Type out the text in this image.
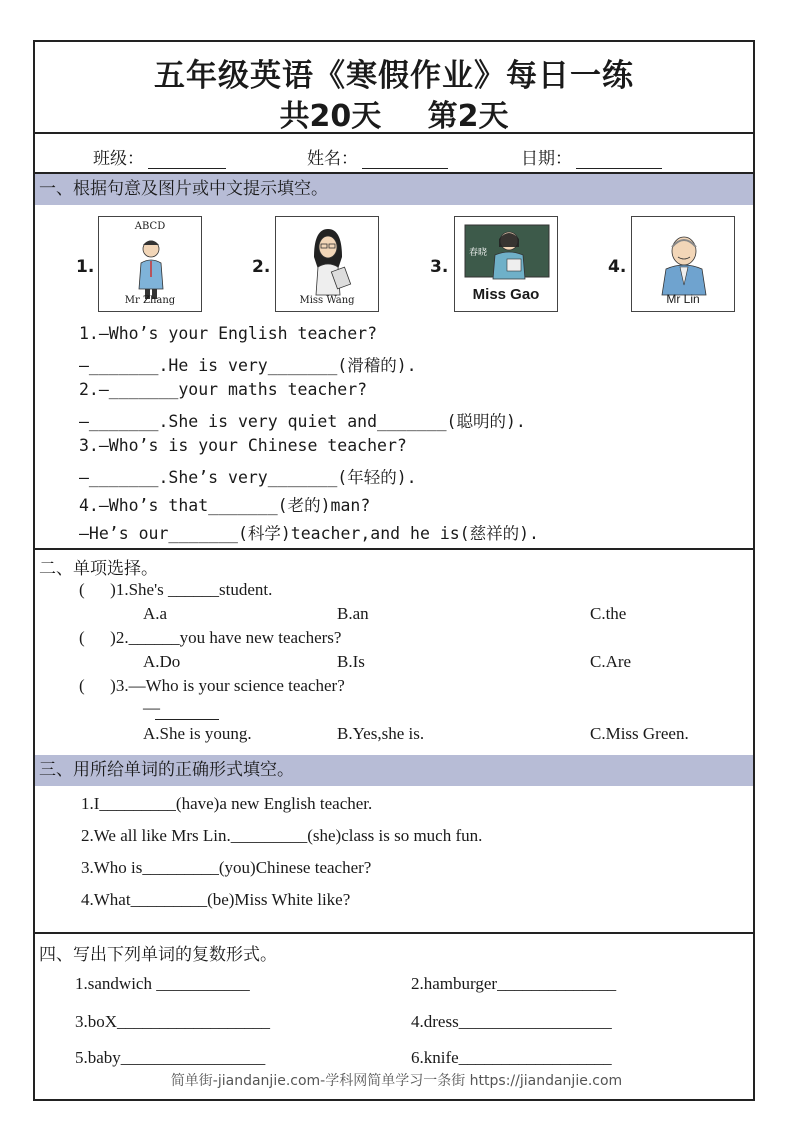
五年级英语《寒假作业》每日一练
共20天 第2天
班级：	姓名：	日期：
一、根据句意及图片或中文提示填空。
1.
ABCD
Mr Zhang
2.
Miss Wang
3.
春晓
Miss Gao
4.
Mr Lin
1.—Who’s your English teacher?
—_______.He is very_______(滑稽的).
2.—_______your maths teacher?
—_______.She is very quiet and_______(聪明的).
3.—Who’s is your Chinese teacher?
—_______.She’s very_______(年轻的).
4.—Who’s that_______(老的)man?
—He’s our_______(科学)teacher,and he is(慈祥的).
二、单项选择。
(      )1.She's ______student.
A.a	B.an	C.the
(      )2.______you have new teachers?
A.Do	B.Is	C.Are
(      )3.—Who is your science teacher?
—
A.She is young.	B.Yes,she is.	C.Miss Green.
三、用所给单词的正确形式填空。
1.I_________(have)a new English teacher.
2.We all like Mrs Lin._________(she)class is so much fun.
3.Who is_________(you)Chinese teacher?
4.What_________(be)Miss White like?
四、写出下列单词的复数形式。
1.sandwich ___________	2.hamburger______________
3.boX__________________	4.dress__________________
5.baby_________________	6.knife__________________
简单街-jiandanjie.com-学科网简单学习一条街 https://jiandanjie.com
